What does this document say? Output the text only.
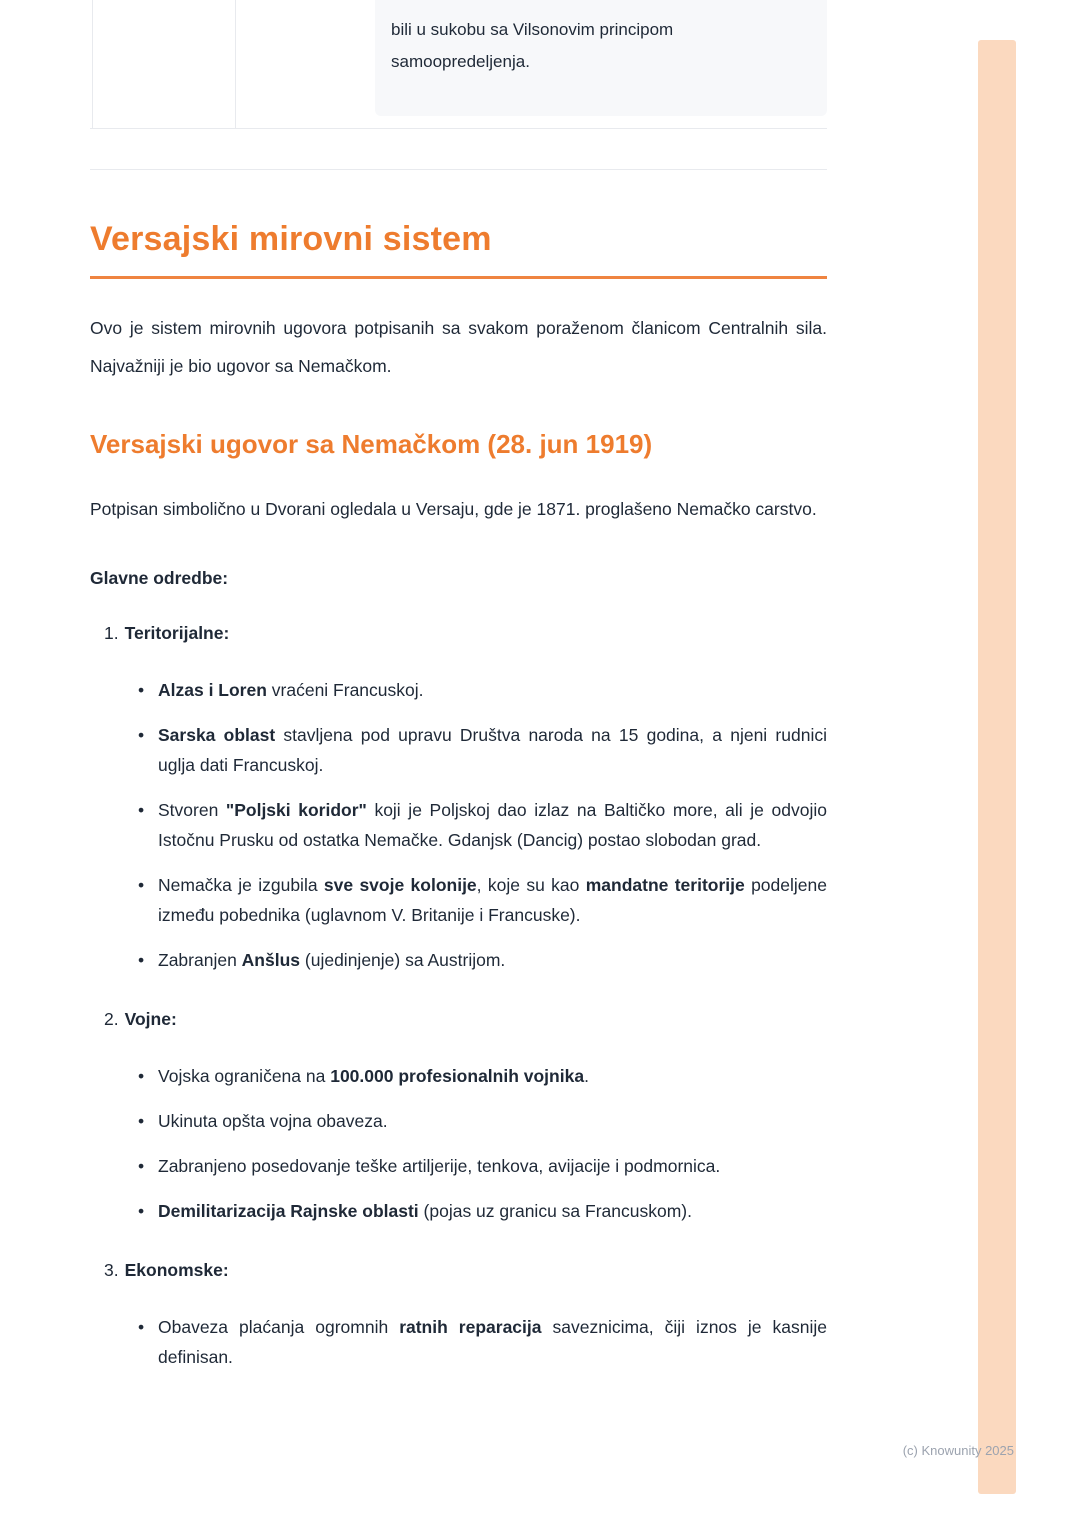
(c) Knowunity 2025
bili u sukobu sa Vilsonovim principom samoopredeljenja.
Versajski mirovni sistem

Ovo je sistem mirovnih ugovora potpisanih sa svakom poraženom članicom Centralnih sila. Najvažniji je bio ugovor sa Nemačkom.

Versajski ugovor sa Nemačkom (28. jun 1919)

Potpisan simbolično u Dvorani ogledala u Versaju, gde je 1871. proglašeno Nemačko carstvo.

Glavne odredbe:

1. Teritorijalne:
• Alzas i Loren vraćeni Francuskoj.
• Sarska oblast stavljena pod upravu Društva naroda na 15 godina, a njeni rudnici uglja dati Francuskoj.
• Stvoren "Poljski koridor" koji je Poljskoj dao izlaz na Baltičko more, ali je odvojio Istočnu Prusku od ostatka Nemačke. Gdanjsk (Dancig) postao slobodan grad.
• Nemačka je izgubila sve svoje kolonije, koje su kao mandatne teritorije podeljene između pobednika (uglavnom V. Britanije i Francuske).
• Zabranjen Anšlus (ujedinjenje) sa Austrijom.
2. Vojne:
• Vojska ograničena na 100.000 profesionalnih vojnika.
• Ukinuta opšta vojna obaveza.
• Zabranjeno posedovanje teške artiljerije, tenkova, avijacije i podmornica.
• Demilitarizacija Rajnske oblasti (pojas uz granicu sa Francuskom).
3. Ekonomske:
• Obaveza plaćanja ogromnih ratnih reparacija saveznicima, čiji iznos je kasnije definisan.
